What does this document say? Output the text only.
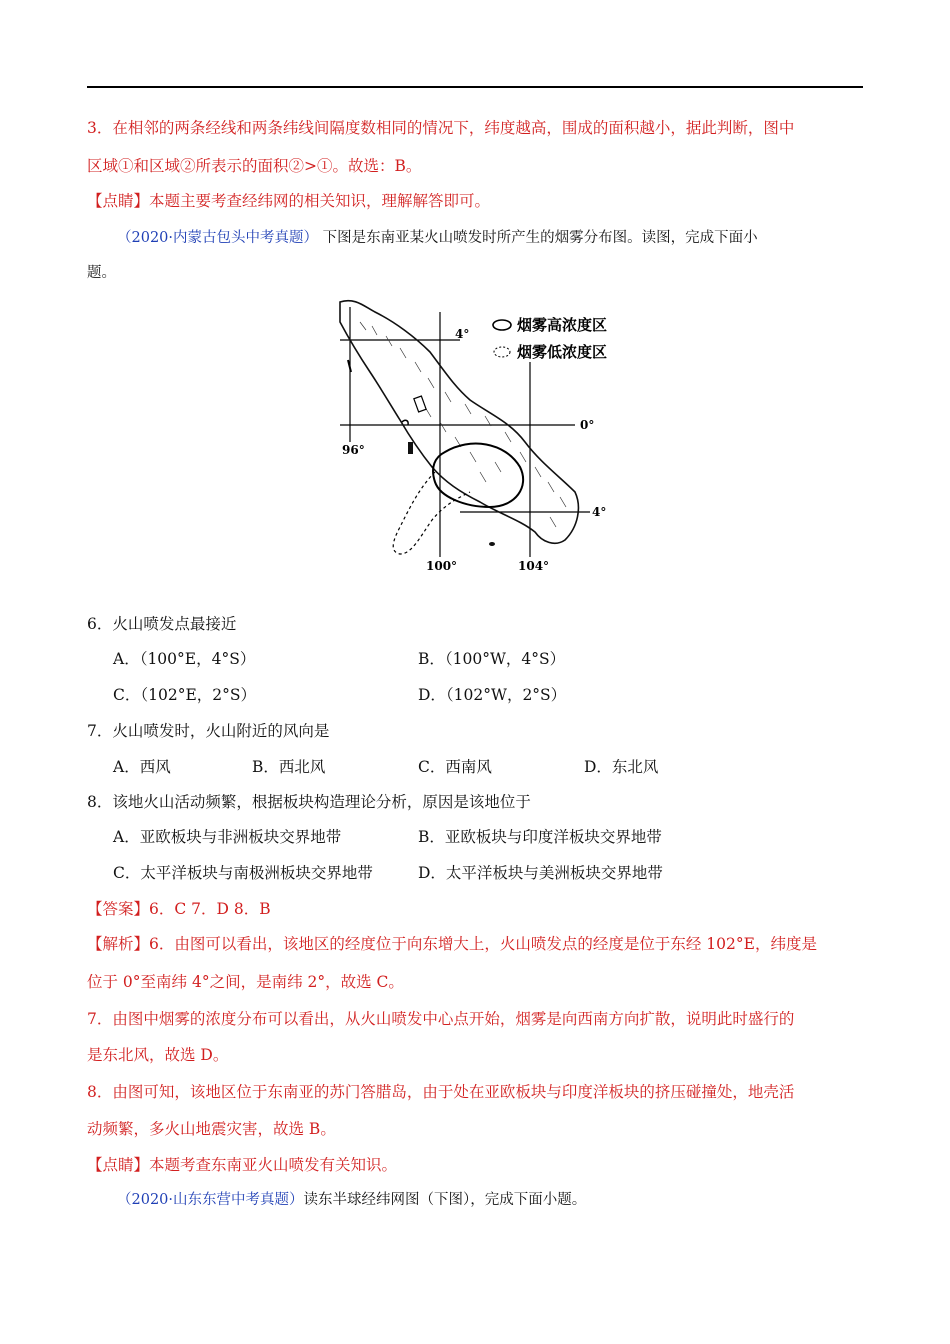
3．在相邻的两条经线和两条纬线间隔度数相同的情况下，纬度越高，围成的面积越小，据此判断，图中
区域①和区域②所表示的面积②>①。故选：B。
【点睛】本题主要考查经纬网的相关知识，理解解答即可。
（2020·内蒙古包头中考真题） 下图是东南亚某火山喷发时所产生的烟雾分布图。读图，完成下面小
题。
4°
0°
4°
96°
100°	104°
烟雾高浓度区
烟雾低浓度区
6．火山喷发点最接近
A．（100°E，4°S）	B．（100°W，4°S）
C．（102°E，2°S）	D．（102°W，2°S）
7．火山喷发时，火山附近的风向是
A．西风	B．西北风	C．西南风	D．东北风
8．该地火山活动频繁，根据板块构造理论分析，原因是该地位于
A．亚欧板块与非洲板块交界地带	B．亚欧板块与印度洋板块交界地带
C．太平洋板块与南极洲板块交界地带	D．太平洋板块与美洲板块交界地带
【答案】6．C 7．D 8．B
【解析】6．由图可以看出，该地区的经度位于向东增大上，火山喷发点的经度是位于东经 102°E，纬度是
位于 0°至南纬 4°之间，是南纬 2°，故选 C。
7．由图中烟雾的浓度分布可以看出，从火山喷发中心点开始，烟雾是向西南方向扩散，说明此时盛行的
是东北风，故选 D。
8．由图可知，该地区位于东南亚的苏门答腊岛，由于处在亚欧板块与印度洋板块的挤压碰撞处，地壳活
动频繁，多火山地震灾害，故选 B。
【点睛】本题考查东南亚火山喷发有关知识。
（2020·山东东营中考真题）读东半球经纬网图（下图），完成下面小题。
